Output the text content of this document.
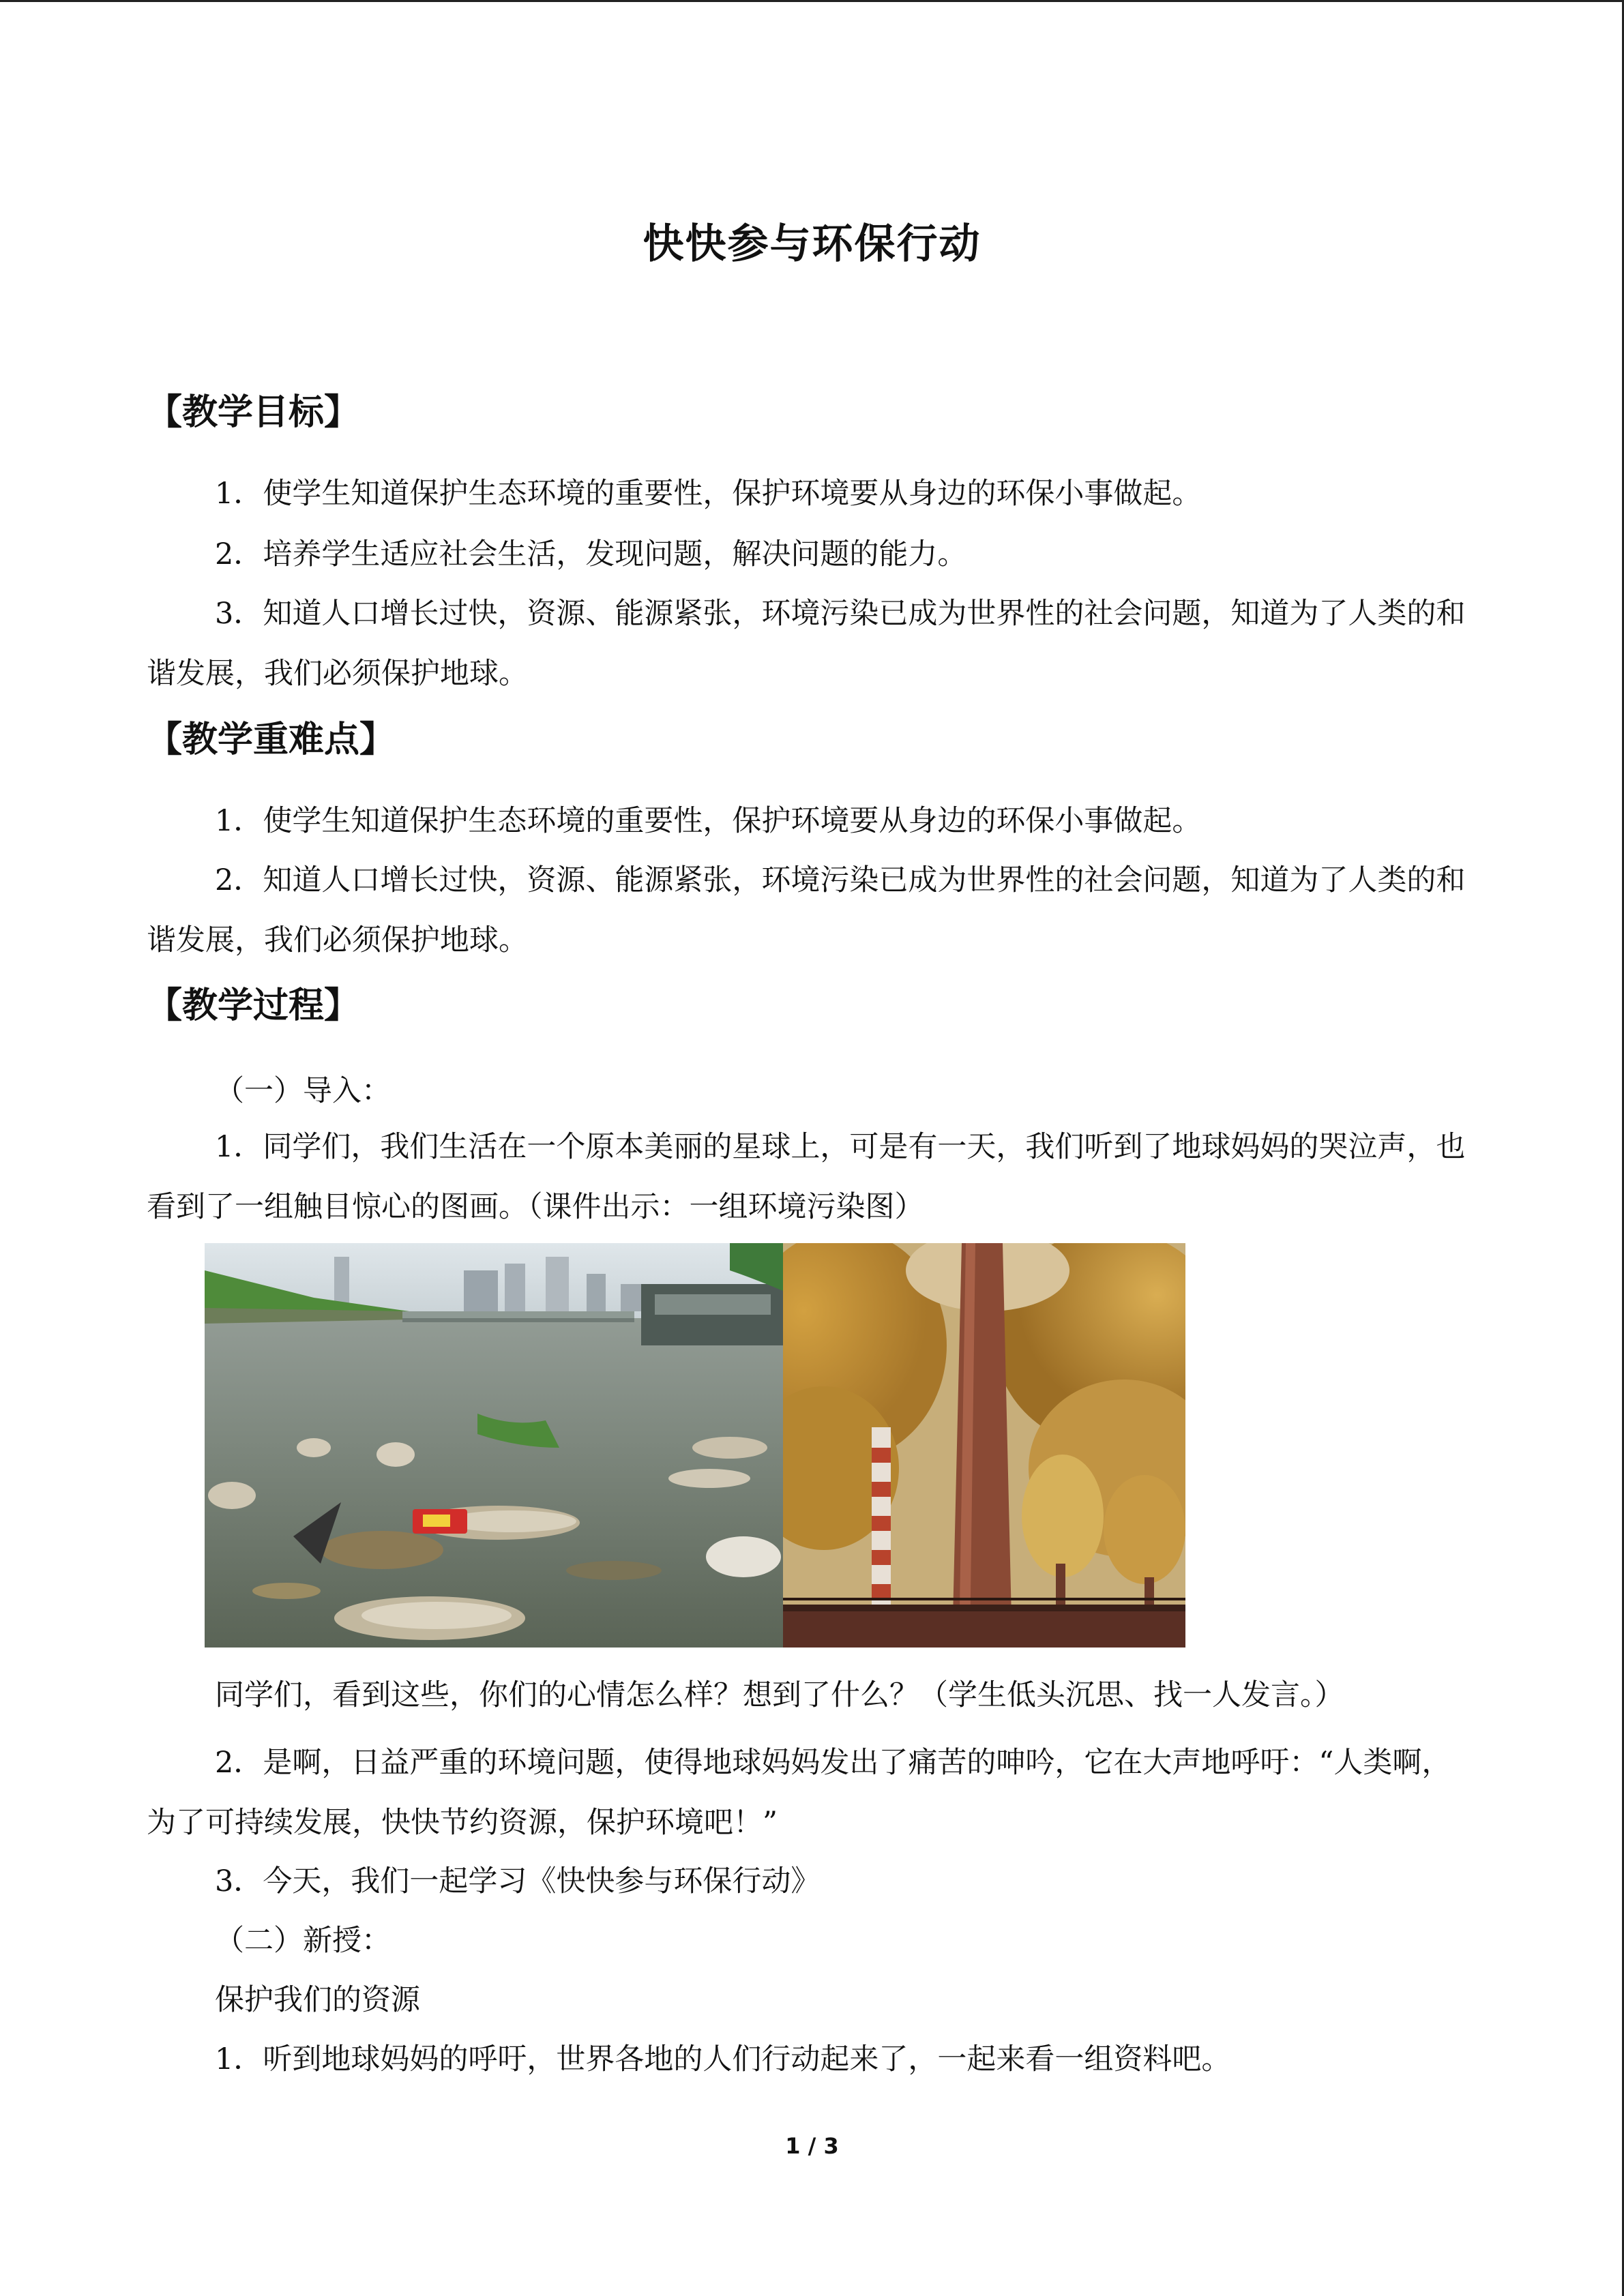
快快参与环保行动
【教学目标】
1．使学生知道保护生态环境的重要性，保护环境要从身边的环保小事做起。
2．培养学生适应社会生活，发现问题，解决问题的能力。
3．知道人口增长过快，资源、能源紧张，环境污染已成为世界性的社会问题，知道为了人类的和谐发展，我们必须保护地球。
【教学重难点】
1．使学生知道保护生态环境的重要性，保护环境要从身边的环保小事做起。
2．知道人口增长过快，资源、能源紧张，环境污染已成为世界性的社会问题，知道为了人类的和谐发展，我们必须保护地球。
【教学过程】
（一）导入：
1．同学们，我们生活在一个原本美丽的星球上，可是有一天，我们听到了地球妈妈的哭泣声，也看到了一组触目惊心的图画。（课件出示：一组环境污染图）
同学们，看到这些，你们的心情怎么样？想到了什么？（学生低头沉思、找一人发言。）
2．是啊，日益严重的环境问题，使得地球妈妈发出了痛苦的呻吟，它在大声地呼吁：“人类啊，为了可持续发展，快快节约资源，保护环境吧！”
3．今天，我们一起学习《快快参与环保行动》
（二）新授：
保护我们的资源
1．听到地球妈妈的呼吁，世界各地的人们行动起来了，一起来看一组资料吧。
1 / 3
